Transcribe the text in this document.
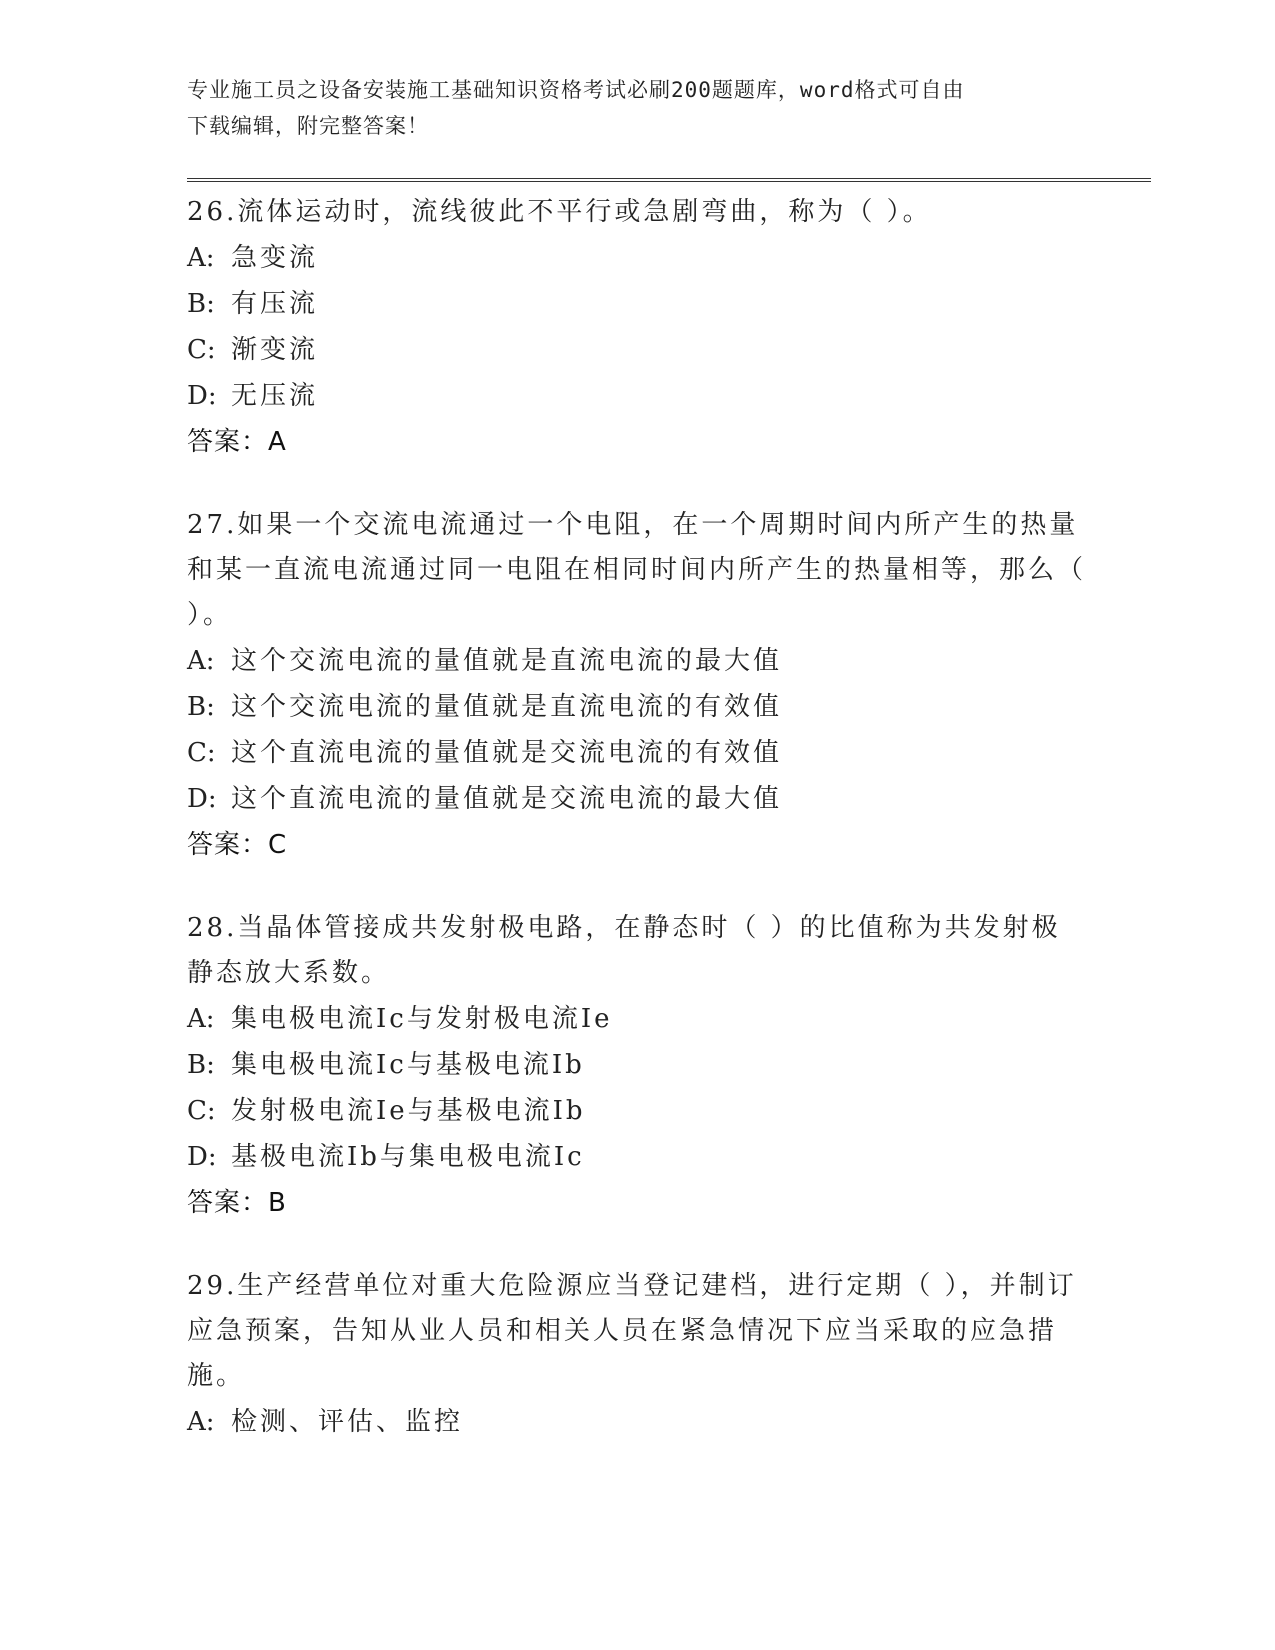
专业施工员之设备安装施工基础知识资格考试必刷200题题库，word格式可自由
下载编辑，附完整答案！

26.流体运动时，流线彼此不平行或急剧弯曲，称为（ ）。

A: 急变流
B: 有压流
C: 渐变流
D: 无压流
答案：A

27.如果一个交流电流通过一个电阻，在一个周期时间内所产生的热量和某一直流电流通过同一电阻在相同时间内所产生的热量相等，那么（ ）。

A: 这个交流电流的量值就是直流电流的最大值
B: 这个交流电流的量值就是直流电流的有效值
C: 这个直流电流的量值就是交流电流的有效值
D: 这个直流电流的量值就是交流电流的最大值
答案：C

28.当晶体管接成共发射极电路，在静态时（ ）的比值称为共发射极静态放大系数。

A: 集电极电流Ic与发射极电流Ie
B: 集电极电流Ic与基极电流Ib
C: 发射极电流Ie与基极电流Ib
D: 基极电流Ib与集电极电流Ic
答案：B

29.生产经营单位对重大危险源应当登记建档，进行定期（ ），并制订应急预案，告知从业人员和相关人员在紧急情况下应当采取的应急措施。

A: 检测、评估、监控
